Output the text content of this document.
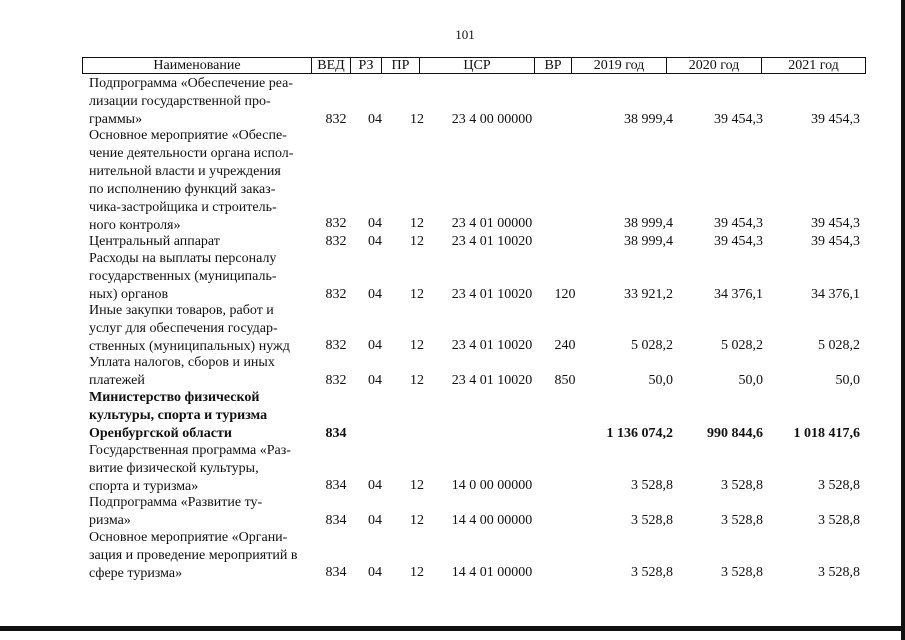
101
Наименование	ВЕД РЗ	ПР	ЦСР	ВР	2019 год	2020 год	2021 год
Подпрограмма «Обеспечение реа-
лизации государственной про-
граммы»	832	04	12	23 4 00 00000	38 999,4	39 454,3	39 454,3
Основное мероприятие «Обеспе-
чение деятельности органа испол-
нительной власти и учреждения
по исполнению функций заказ-
чика-застройщика и строитель-
ного контроля»	832	04	12	23 4 01 00000	38 999,4	39 454,3	39 454,3
Центральный аппарат	832	04	12	23 4 01 10020	38 999,4	39 454,3	39 454,3
Расходы на выплаты персоналу
государственных (муниципаль-
ных) органов	832	04	12	23 4 01 10020	120	33 921,2	34 376,1	34 376,1
Иные закупки товаров, работ и
услуг для обеспечения государ-
ственных (муниципальных) нужд	832	04	12	23 4 01 10020	240	5 028,2	5 028,2	5 028,2
Уплата налогов, сборов и иных
платежей	832	04	12	23 4 01 10020	850	50,0	50,0	50,0
Министерство физической
культуры, спорта и туризма
Оренбургской области	834	1 136 074,2	990 844,6	1 018 417,6
Государственная программа «Раз-
витие физической культуры,
спорта и туризма»	834	04	12	14 0 00 00000	3 528,8	3 528,8	3 528,8
Подпрограмма «Развитие ту-
ризма»	834	04	12	14 4 00 00000	3 528,8	3 528,8	3 528,8
Основное мероприятие «Органи-
зация и проведение мероприятий в
сфере туризма»	834	04	12	14 4 01 00000	3 528,8	3 528,8	3 528,8
